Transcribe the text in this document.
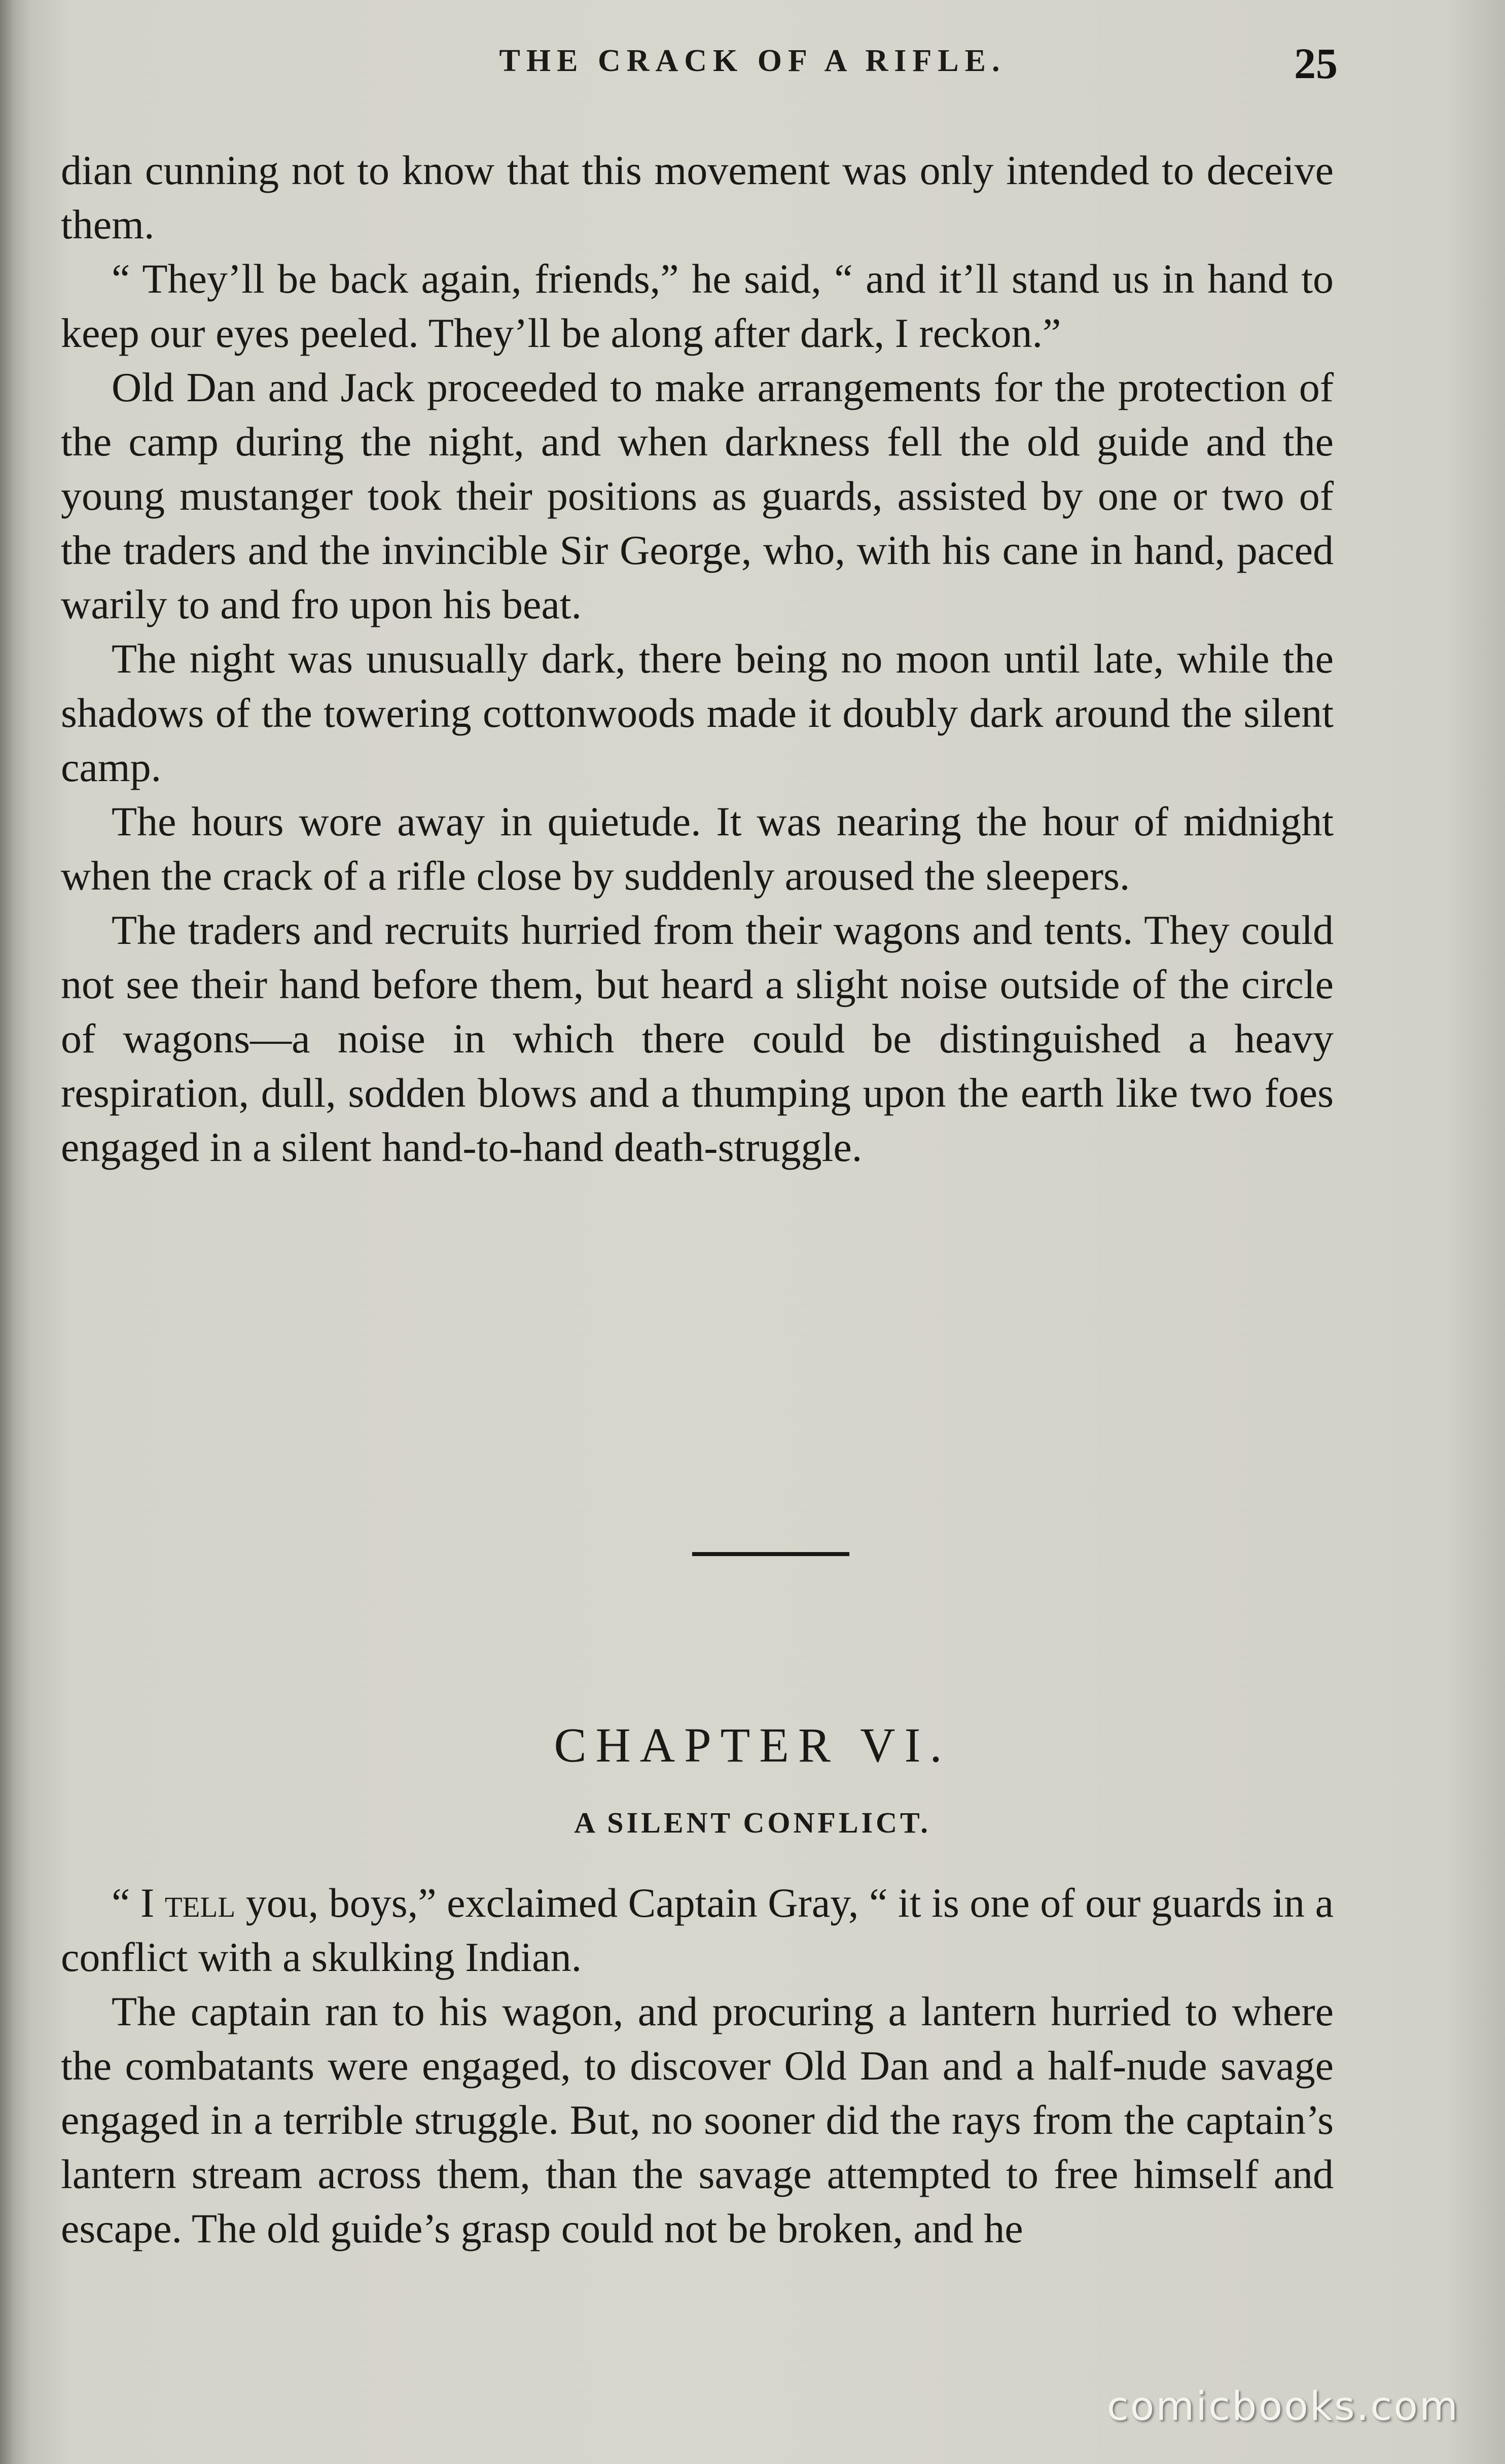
THE CRACK OF A RIFLE.	25

dian cunning not to know that this movement was only intended to deceive them.

“ They’ll be back again, friends,” he said, “ and it’ll stand us in hand to keep our eyes peeled. They’ll be along after dark, I reckon.”

Old Dan and Jack proceeded to make arrangements for the protection of the camp during the night, and when darkness fell the old guide and the young mustanger took their positions as guards, assisted by one or two of the traders and the invincible Sir George, who, with his cane in hand, paced warily to and fro upon his beat.

The night was unusually dark, there being no moon until late, while the shadows of the towering cottonwoods made it doubly dark around the silent camp.

The hours wore away in quietude. It was nearing the hour of midnight when the crack of a rifle close by suddenly aroused the sleepers.

The traders and recruits hurried from their wagons and tents. They could not see their hand before them, but heard a slight noise outside of the circle of wagons—a noise in which there could be distinguished a heavy respiration, dull, sodden blows and a thumping upon the earth like two foes engaged in a silent hand-to-hand death-struggle.

CHAPTER VI.
A SILENT CONFLICT.

“ I tell you, boys,” exclaimed Captain Gray, “ it is one of our guards in a conflict with a skulking Indian.

The captain ran to his wagon, and procuring a lantern hurried to where the combatants were engaged, to discover Old Dan and a half-nude savage engaged in a terrible struggle. But, no sooner did the rays from the captain’s lantern stream across them, than the savage attempted to free himself and escape. The old guide’s grasp could not be broken, and he

comicbooks.com
